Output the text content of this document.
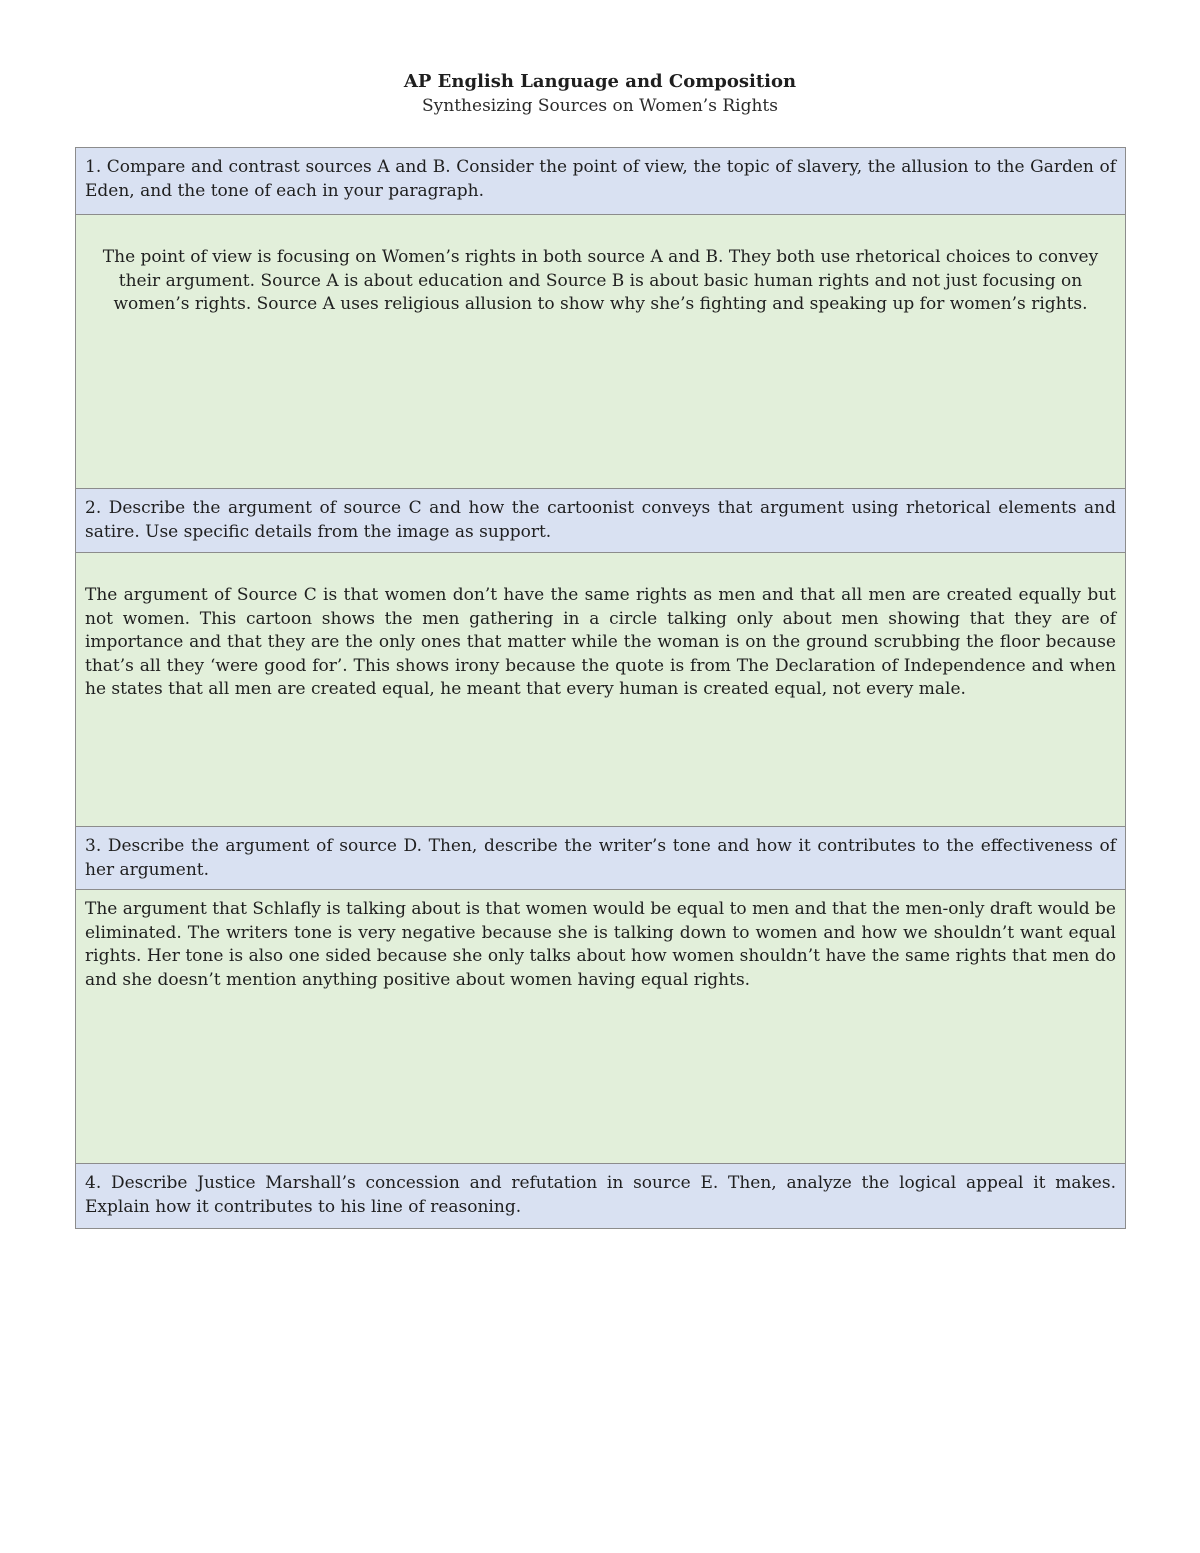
AP English Language and Composition

Synthesizing Sources on Women’s Rights

1. Compare and contrast sources A and B. Consider the point of view, the topic of slavery, the allusion to the Garden of Eden, and the tone of each in your paragraph.
The point of view is focusing on Women’s rights in both source A and B. They both use rhetorical choices to convey their argument. Source A is about education and Source B is about basic human rights and not just focusing on women’s rights. Source A uses religious allusion to show why she’s fighting and speaking up for women’s rights.
2. Describe the argument of source C and how the cartoonist conveys that argument using rhetorical elements and satire. Use specific details from the image as support.
The argument of Source C is that women don’t have the same rights as men and that all men are created equally but not women. This cartoon shows the men gathering in a circle talking only about men showing that they are of importance and that they are the only ones that matter while the woman is on the ground scrubbing the floor because that’s all they ‘were good for’. This shows irony because the quote is from The Declaration of Independence and when he states that all men are created equal, he meant that every human is created equal, not every male.
3. Describe the argument of source D. Then, describe the writer’s tone and how it contributes to the effectiveness of her argument.
The argument that Schlafly is talking about is that women would be equal to men and that the men-only draft would be eliminated. The writers tone is very negative because she is talking down to women and how we shouldn’t want equal rights. Her tone is also one sided because she only talks about how women shouldn’t have the same rights that men do and she doesn’t mention anything positive about women having equal rights.
4. Describe Justice Marshall’s concession and refutation in source E. Then, analyze the logical appeal it makes. Explain how it contributes to his line of reasoning.
